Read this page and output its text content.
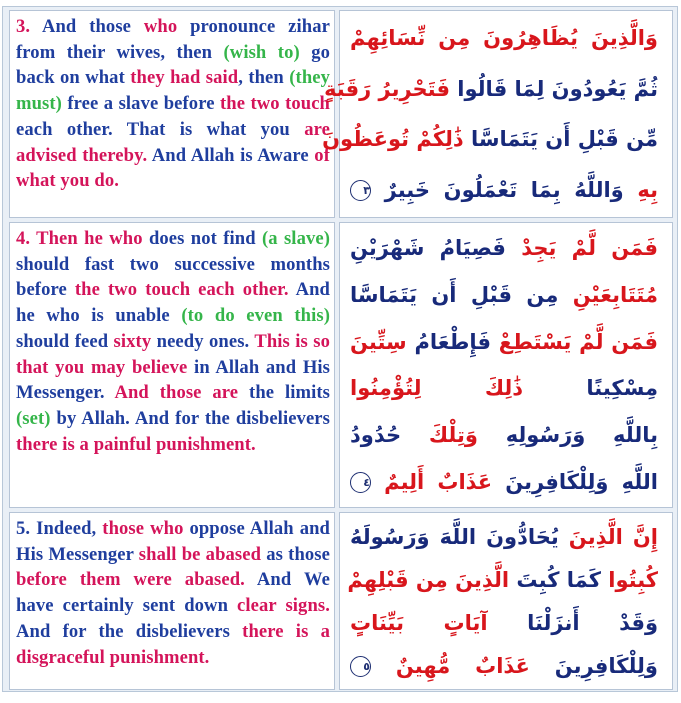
3. And those who pronounce zihar from their wives, then (wish to) go back on what they had said, then (they must) free a slave before the two touch each other. That is what you are advised thereby. And Allah is Aware of what you do.
وَالَّذِينَ يُظَاهِرُونَ مِن نِّسَائِهِمْ
ثُمَّ يَعُودُونَ لِمَا قَالُوا فَتَحْرِيرُ رَقَبَةٍ
مِّن قَبْلِ أَن يَتَمَاسَّا ذَٰلِكُمْ تُوعَظُونَ
بِهِ وَاللَّهُ بِمَا تَعْمَلُونَ خَبِيرٌ ٣
4. Then he who does not find (a slave) should fast two successive months before the two touch each other. And he who is unable (to do even this) should feed sixty needy ones. This is so that you may believe in Allah and His Messenger. And those are the limits (set) by Allah. And for the disbelievers there is a painful punishment.
فَمَن لَّمْ يَجِدْ فَصِيَامُ شَهْرَيْنِ
مُتَتَابِعَيْنِ مِن قَبْلِ أَن يَتَمَاسَّا
فَمَن لَّمْ يَسْتَطِعْ فَإِطْعَامُ سِتِّينَ
مِسْكِينًا ذَٰلِكَ لِتُؤْمِنُوا
بِاللَّهِ وَرَسُولِهِ وَتِلْكَ حُدُودُ
اللَّهِ وَلِلْكَافِرِينَ عَذَابٌ أَلِيمٌ ٤
5. Indeed, those who oppose Allah and His Messenger shall be abased as those before them were abased. And We have certainly sent down clear signs. And for the disbelievers there is a disgraceful punishment.
إِنَّ الَّذِينَ يُحَادُّونَ اللَّهَ وَرَسُولَهُ
كُبِتُوا كَمَا كُبِتَ الَّذِينَ مِن قَبْلِهِمْ
وَقَدْ أَنزَلْنَا آيَاتٍ بَيِّنَاتٍ
وَلِلْكَافِرِينَ عَذَابٌ مُّهِينٌ ٥
